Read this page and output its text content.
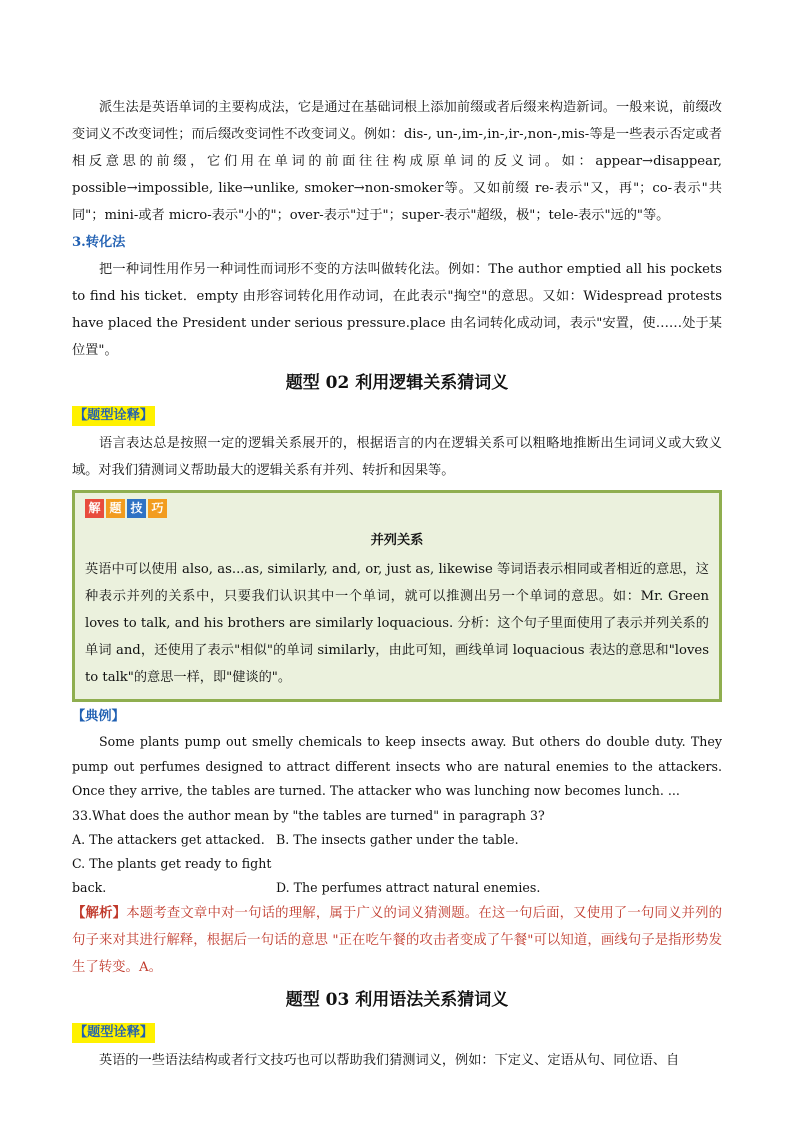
派生法是英语单词的主要构成法，它是通过在基础词根上添加前缀或者后缀来构造新词。一般来说，前缀改变词义不改变词性；而后缀改变词性不改变词义。例如：dis-, un-,im-,in-,ir-,non-,mis-等是一些表示否定或者相反意思的前缀，它们用在单词的前面往往构成原单词的反义词。如：appear→disappear, possible→impossible, like→unlike, smoker→non-smoker等。又如前缀 re-表示"又，再"；co-表示"共同"；mini-或者 micro-表示"小的"；over-表示"过于"；super-表示"超级，极"；tele-表示"远的"等。

3.转化法

把一种词性用作另一种词性而词形不变的方法叫做转化法。例如：The author emptied all his pockets to find his ticket．empty 由形容词转化用作动词，在此表示"掏空"的意思。又如：Widespread protests have placed the President under serious pressure.place 由名词转化成动词，表示"安置，使……处于某位置"。

题型 02 利用逻辑关系猜词义
【题型诠释】

语言表达总是按照一定的逻辑关系展开的，根据语言的内在逻辑关系可以粗略地推断出生词词义或大致义域。对我们猜测词义帮助最大的逻辑关系有并列、转折和因果等。

解 题 技 巧
并列关系

英语中可以使用 also, as...as, similarly, and, or, just as, likewise 等词语表示相同或者相近的意思，这种表示并列的关系中，只要我们认识其中一个单词，就可以推测出另一个单词的意思。如：Mr. Green loves to talk, and his brothers are similarly loquacious. 分析：这个句子里面使用了表示并列关系的单词 and，还使用了表示"相似"的单词 similarly，由此可知，画线单词 loquacious 表达的意思和"loves to talk"的意思一样，即"健谈的"。

【典例】

Some plants pump out smelly chemicals to keep insects away. But others do double duty. They pump out perfumes designed to attract different insects who are natural enemies to the attackers. Once they arrive, the tables are turned. The attacker who was lunching now becomes lunch. ...

33.What does the author mean by "the tables are turned" in paragraph 3?
A. The attackers get attacked. B. The insects gather under the table.
C. The plants get ready to fight back.	D. The perfumes attract natural enemies.

【解析】本题考查文章中对一句话的理解，属于广义的词义猜测题。在这一句后面，又使用了一句同义并列的句子来对其进行解释，根据后一句话的意思 "正在吃午餐的攻击者变成了午餐"可以知道，画线句子是指形势发生了转变。A。

题型 03 利用语法关系猜词义
【题型诠释】

英语的一些语法结构或者行文技巧也可以帮助我们猜测词义，例如：下定义、定语从句、同位语、自
